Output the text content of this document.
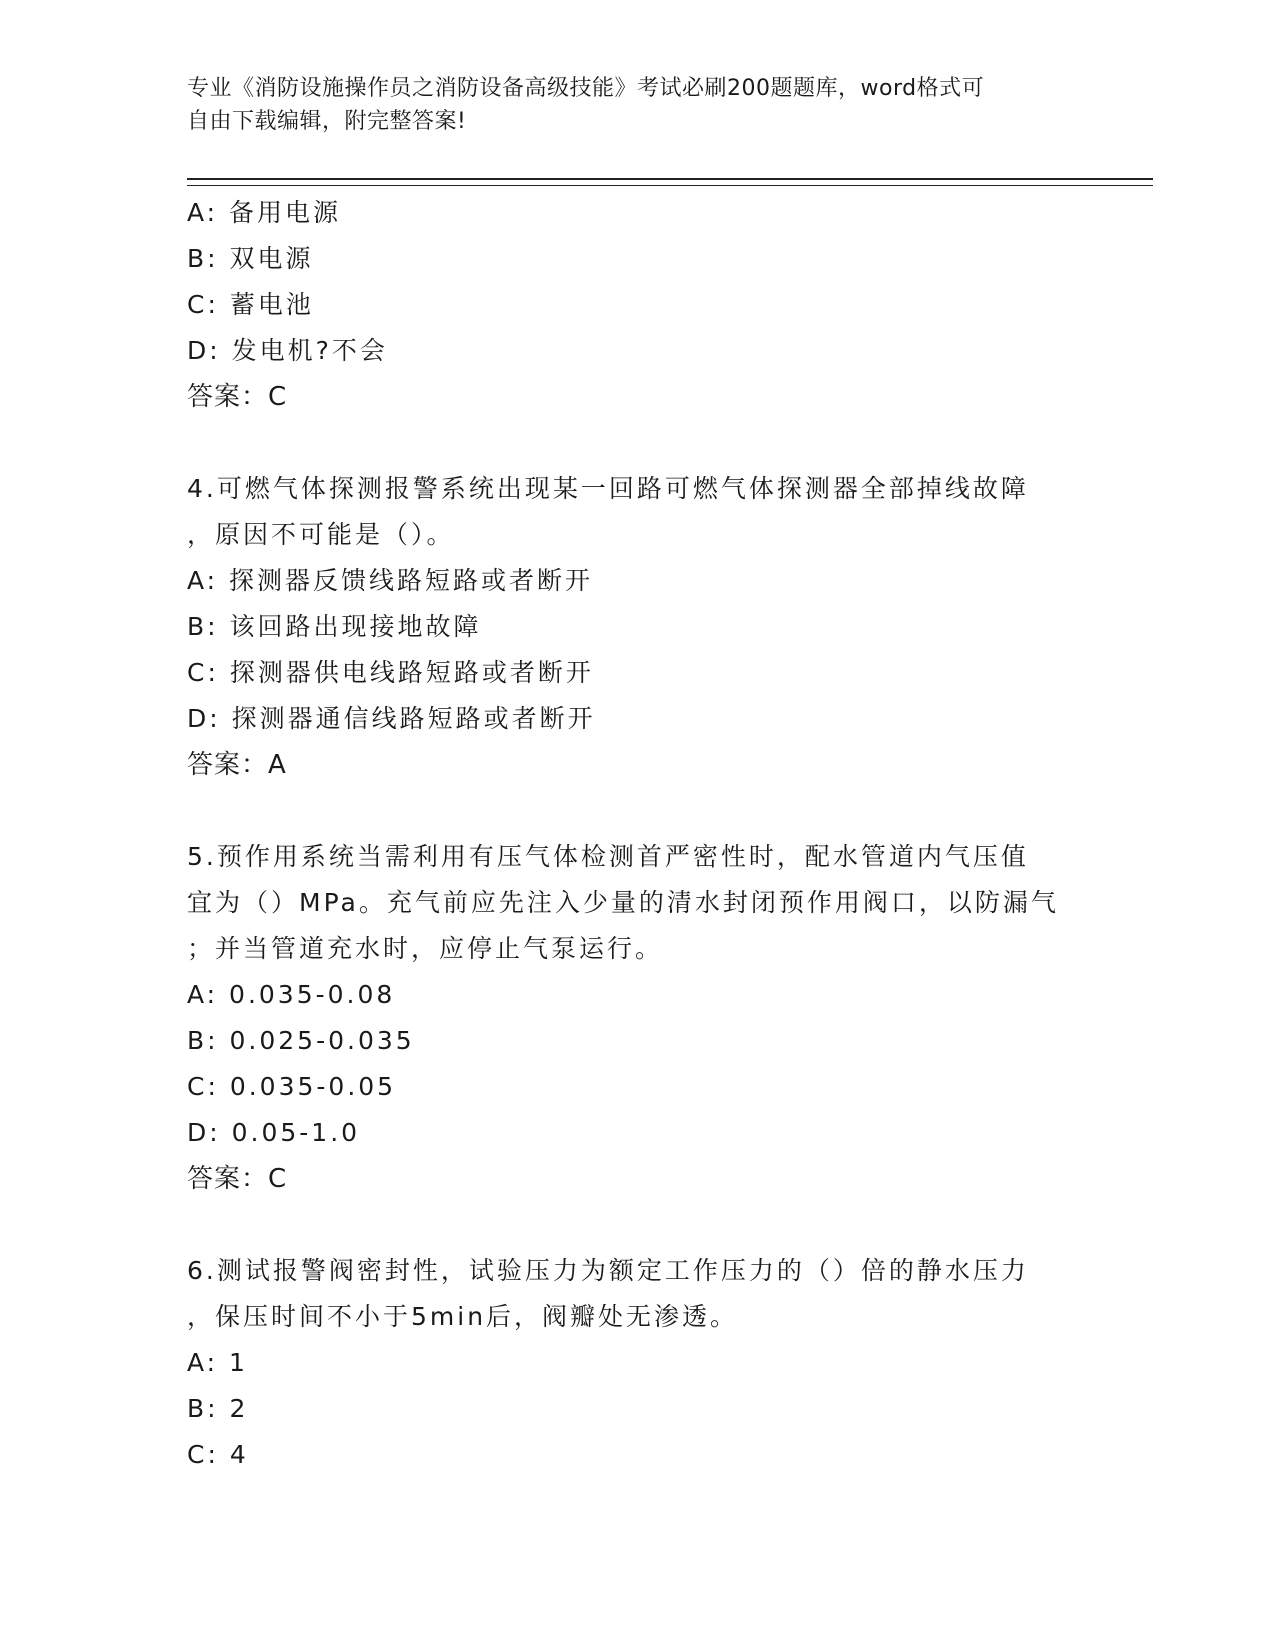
专业《消防设施操作员之消防设备高级技能》考试必刷200题题库，word格式可
自由下载编辑，附完整答案!
A: 备用电源
B: 双电源
C: 蓄电池
D: 发电机?不会
答案：C
4.可燃气体探测报警系统出现某一回路可燃气体探测器全部掉线故障
，原因不可能是（）。
A: 探测器反馈线路短路或者断开
B: 该回路出现接地故障
C: 探测器供电线路短路或者断开
D: 探测器通信线路短路或者断开
答案：A
5.预作用系统当需利用有压气体检测首严密性时，配水管道内气压值
宜为（）MPa。充气前应先注入少量的清水封闭预作用阀口，以防漏气
；并当管道充水时，应停止气泵运行。
A: 0.035-0.08
B: 0.025-0.035
C: 0.035-0.05
D: 0.05-1.0
答案：C
6.测试报警阀密封性，试验压力为额定工作压力的（）倍的静水压力
，保压时间不小于5min后，阀瓣处无渗透。
A: 1
B: 2
C: 4
